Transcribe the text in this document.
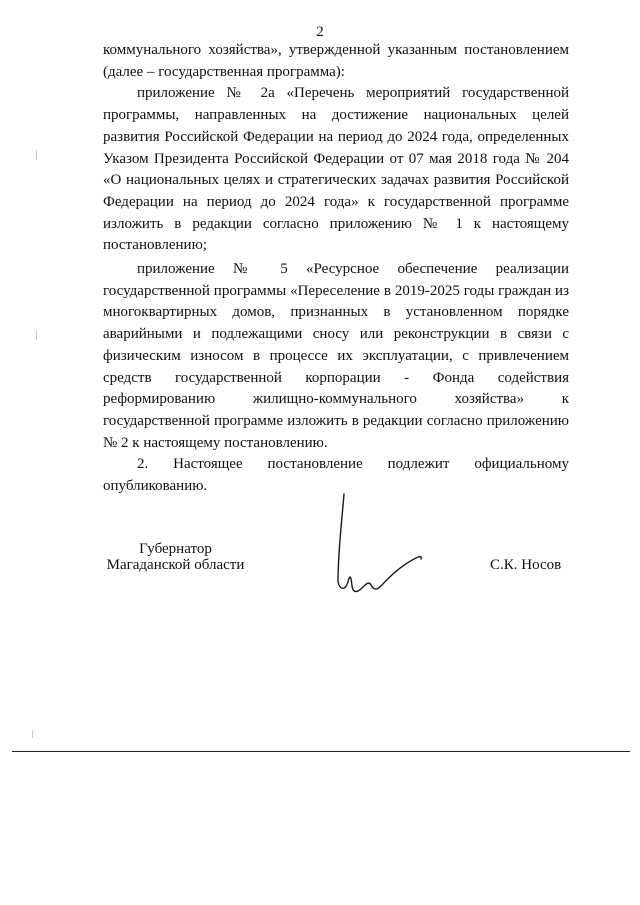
2

коммунального хозяйства», утвержденной указанным постановлением (далее – государственная программа):

приложение № 2а «Перечень мероприятий государственной программы, направленных на достижение национальных целей развития Российской Федерации на период до 2024 года, определенных Указом Президента Российской Федерации от 07 мая 2018 года № 204 «О национальных целях и стратегических задачах развития Российской Федерации на период до 2024 года» к государственной программе изложить в редакции согласно приложению № 1 к настоящему постановлению;

приложение № 5 «Ресурсное обеспечение реализации государственной программы «Переселение в 2019-2025 годы граждан из многоквартирных домов, признанных в установленном порядке аварийными и подлежащими сносу или реконструкции в связи с физическим износом в процессе их эксплуатации, с привлечением средств государственной корпорации - Фонда содействия реформированию жилищно-коммунального хозяйства» к государственной программе изложить в редакции согласно приложению № 2 к настоящему постановлению.

2. Настоящее постановление подлежит официальному опубликованию.

Губернатор
Магаданской области	С.К. Носов
